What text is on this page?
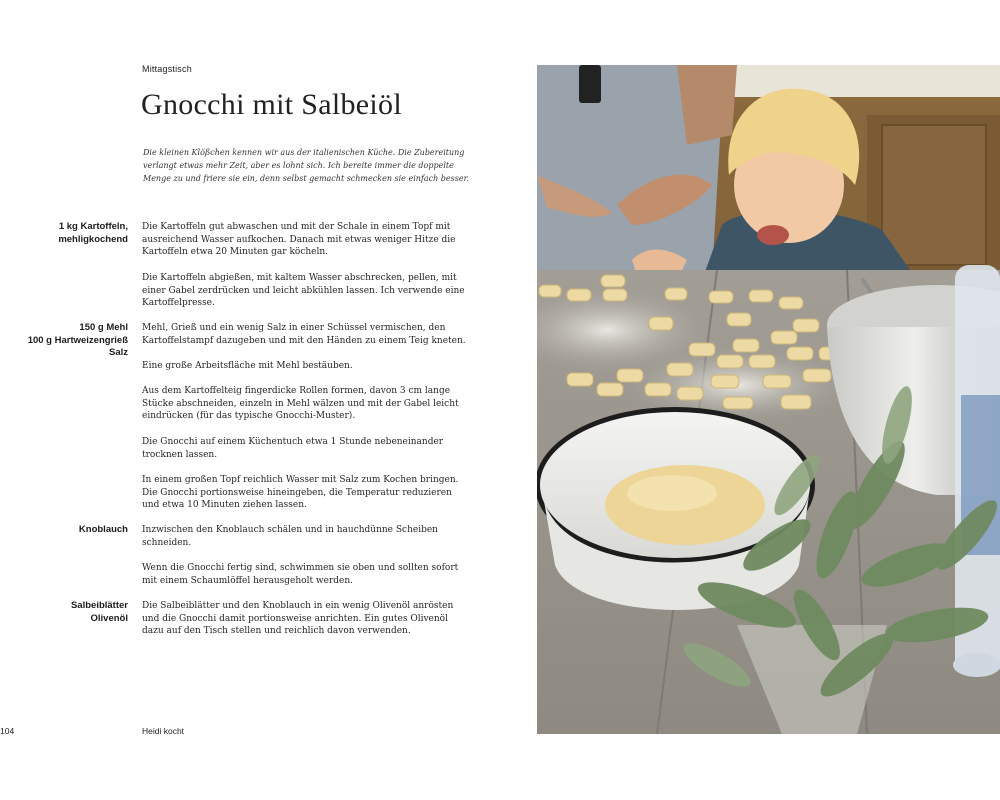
Mittagstisch
Gnocchi mit Salbeiöl
Die kleinen Klößchen kennen wir aus der italienischen Küche. Die Zubereitung verlangt etwas mehr Zeit, aber es lohnt sich. Ich bereite immer die doppelte Menge zu und friere sie ein, denn selbst gemacht schmecken sie einfach besser.
1 kg Kartoffeln,
mehligkochend
150 g Mehl
100 g Hartweizengrieß
Salz
Knoblauch
Salbeiblätter
Olivenöl

Die Kartoffeln gut abwaschen und mit der Schale in einem Topf mit ausreichend Wasser aufkochen. Danach mit etwas weniger Hitze die Kartoffeln etwa 20 Minuten gar köcheln.

Die Kartoffeln abgießen, mit kaltem Wasser abschrecken, pellen, mit einer Gabel zerdrücken und leicht abkühlen lassen. Ich verwende eine Kartoffelpresse.

Mehl, Grieß und ein wenig Salz in einer Schüssel vermischen, den Kartoffelstampf dazugeben und mit den Händen zu einem Teig kneten.

Eine große Arbeitsfläche mit Mehl bestäuben.

Aus dem Kartoffelteig fingerdicke Rollen formen, davon 3 cm lange Stücke abschneiden, einzeln in Mehl wälzen und mit der Gabel leicht eindrücken (für das typische Gnocchi-Muster).

Die Gnocchi auf einem Küchentuch etwa 1 Stunde nebeneinander trocknen lassen.

In einem großen Topf reichlich Wasser mit Salz zum Kochen bringen. Die Gnocchi portionsweise hineingeben, die Temperatur reduzieren und etwa 10 Minuten ziehen lassen.

Inzwischen den Knoblauch schälen und in hauchdünne Scheiben schneiden.

Wenn die Gnocchi fertig sind, schwimmen sie oben und sollten sofort mit einem Schaumlöffel herausgeholt werden.

Die Salbeiblätter und den Knoblauch in ein wenig Olivenöl anrösten und die Gnocchi damit portionsweise anrichten. Ein gutes Olivenöl dazu auf den Tisch stellen und reichlich davon verwenden.

104	Heidi kocht
